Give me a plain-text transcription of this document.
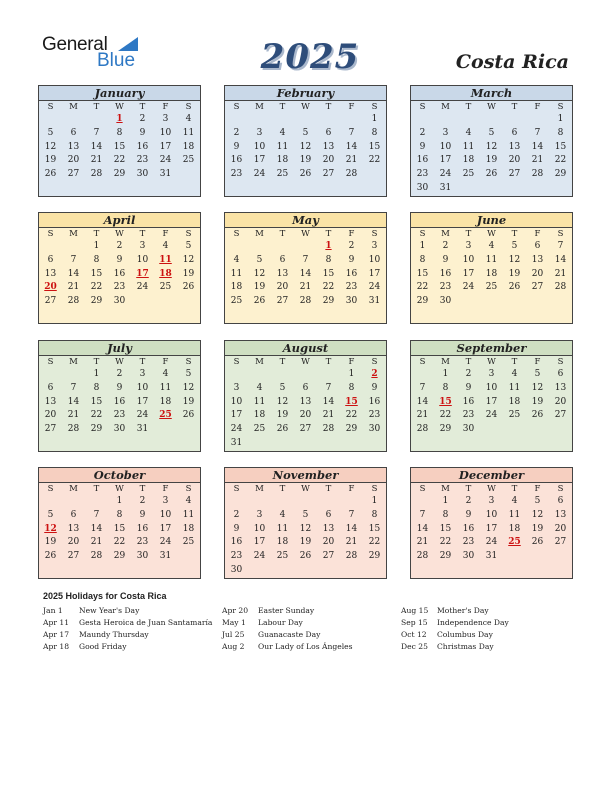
General
Blue	2025	Costa Rica
January
S	M	T	W	T	F	S
			1	2	3	4
5	6	7	8	9	10	11
12	13	14	15	16	17	18
19	20	21	22	23	24	25
26	27	28	29	30	31	

February
S	M	T	W	T	F	S
						1
2	3	4	5	6	7	8
9	10	11	12	13	14	15
16	17	18	19	20	21	22
23	24	25	26	27	28	

March
S	M	T	W	T	F	S
						1
2	3	4	5	6	7	8
9	10	11	12	13	14	15
16	17	18	19	20	21	22
23	24	25	26	27	28	29
30	31					
April
S	M	T	W	T	F	S
		1	2	3	4	5
6	7	8	9	10	11	12
13	14	15	16	17	18	19
20	21	22	23	24	25	26
27	28	29	30			

May
S	M	T	W	T	F	S
				1	2	3
4	5	6	7	8	9	10
11	12	13	14	15	16	17
18	19	20	21	22	23	24
25	26	27	28	29	30	31

June
S	M	T	W	T	F	S
1	2	3	4	5	6	7
8	9	10	11	12	13	14
15	16	17	18	19	20	21
22	23	24	25	26	27	28
29	30					

July
S	M	T	W	T	F	S
		1	2	3	4	5
6	7	8	9	10	11	12
13	14	15	16	17	18	19
20	21	22	23	24	25	26
27	28	29	30	31		

August
S	M	T	W	T	F	S
					1	2
3	4	5	6	7	8	9
10	11	12	13	14	15	16
17	18	19	20	21	22	23
24	25	26	27	28	29	30
31						
September
S	M	T	W	T	F	S
	1	2	3	4	5	6
7	8	9	10	11	12	13
14	15	16	17	18	19	20
21	22	23	24	25	26	27
28	29	30				

October
S	M	T	W	T	F	S
			1	2	3	4
5	6	7	8	9	10	11
12	13	14	15	16	17	18
19	20	21	22	23	24	25
26	27	28	29	30	31	

November
S	M	T	W	T	F	S
						1
2	3	4	5	6	7	8
9	10	11	12	13	14	15
16	17	18	19	20	21	22
23	24	25	26	27	28	29
30						
December
S	M	T	W	T	F	S
	1	2	3	4	5	6
7	8	9	10	11	12	13
14	15	16	17	18	19	20
21	22	23	24	25	26	27
28	29	30	31			

2025 Holidays for Costa Rica
Jan 1 New Year's Day
Apr 11 Gesta Heroica de Juan Santamaría
Apr 17 Maundy Thursday
Apr 18 Good Friday
Apr 20 Easter Sunday
May 1 Labour Day
Jul 25 Guanacaste Day
Aug 2 Our Lady of Los Ángeles
Aug 15 Mother's Day
Sep 15 Independence Day
Oct 12 Columbus Day
Dec 25 Christmas Day
